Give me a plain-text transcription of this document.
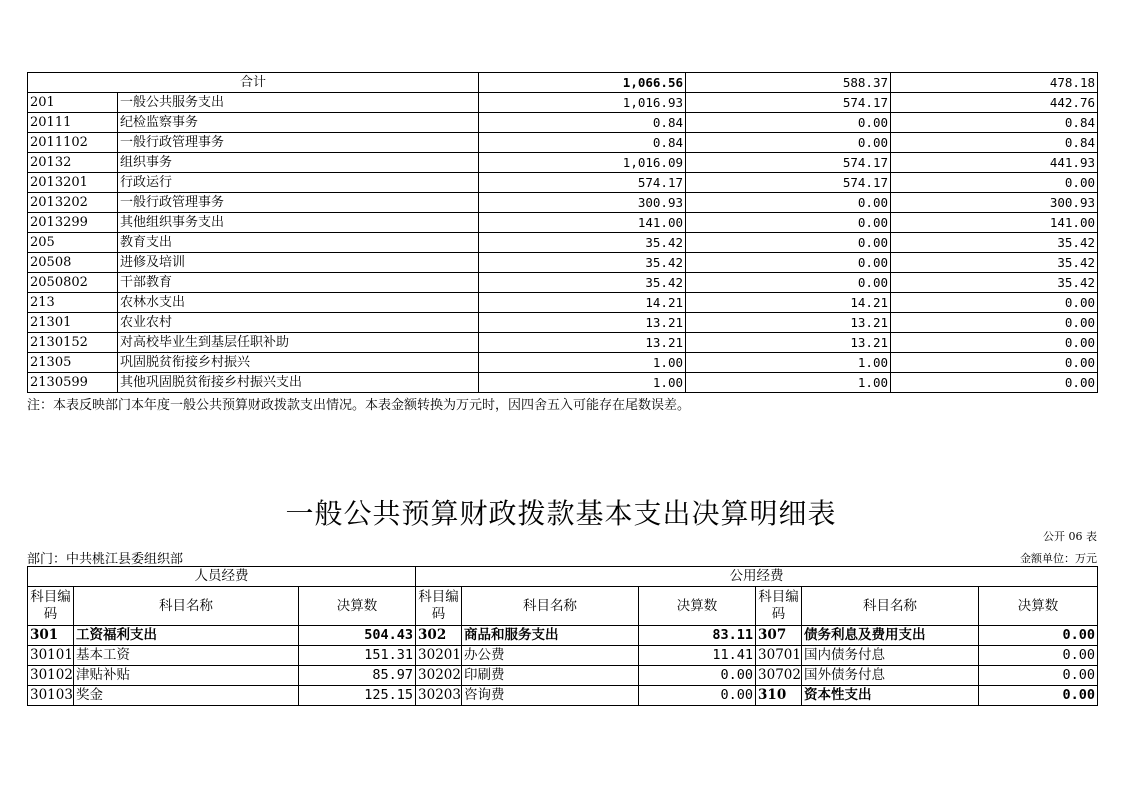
合计		1,066.56	588.37	478.18
201	一般公共服务支出	1,016.93	574.17	442.76
20111	纪检监察事务	0.84	0.00	0.84
2011102	一般行政管理事务	0.84	0.00	0.84
20132	组织事务	1,016.09	574.17	441.93
2013201	行政运行	574.17	574.17	0.00
2013202	一般行政管理事务	300.93	0.00	300.93
2013299	其他组织事务支出	141.00	0.00	141.00
205	教育支出	35.42	0.00	35.42
20508	进修及培训	35.42	0.00	35.42
2050802	干部教育	35.42	0.00	35.42
213	农林水支出	14.21	14.21	0.00
21301	农业农村	13.21	13.21	0.00
2130152	对高校毕业生到基层任职补助	13.21	13.21	0.00
21305	巩固脱贫衔接乡村振兴	1.00	1.00	0.00
2130599	其他巩固脱贫衔接乡村振兴支出	1.00	1.00	0.00
注：本表反映部门本年度一般公共预算财政拨款支出情况。本表金额转换为万元时，因四舍五入可能存在尾数误差。
一般公共预算财政拨款基本支出决算明细表
公开 06 表
部门：中共桃江县委组织部	金额单位：万元
人员经费			公用经费					
科目编码	科目名称	决算数	科目编码	科目名称	决算数	科目编码	科目名称	决算数
301	工资福利支出	504.43	302	商品和服务支出	83.11	307	债务利息及费用支出	0.00
30101	基本工资	151.31	30201	办公费	11.41	30701	国内债务付息	0.00
30102	津贴补贴	85.97	30202	印刷费	0.00	30702	国外债务付息	0.00
30103	奖金	125.15	30203	咨询费	0.00	310	资本性支出	0.00
